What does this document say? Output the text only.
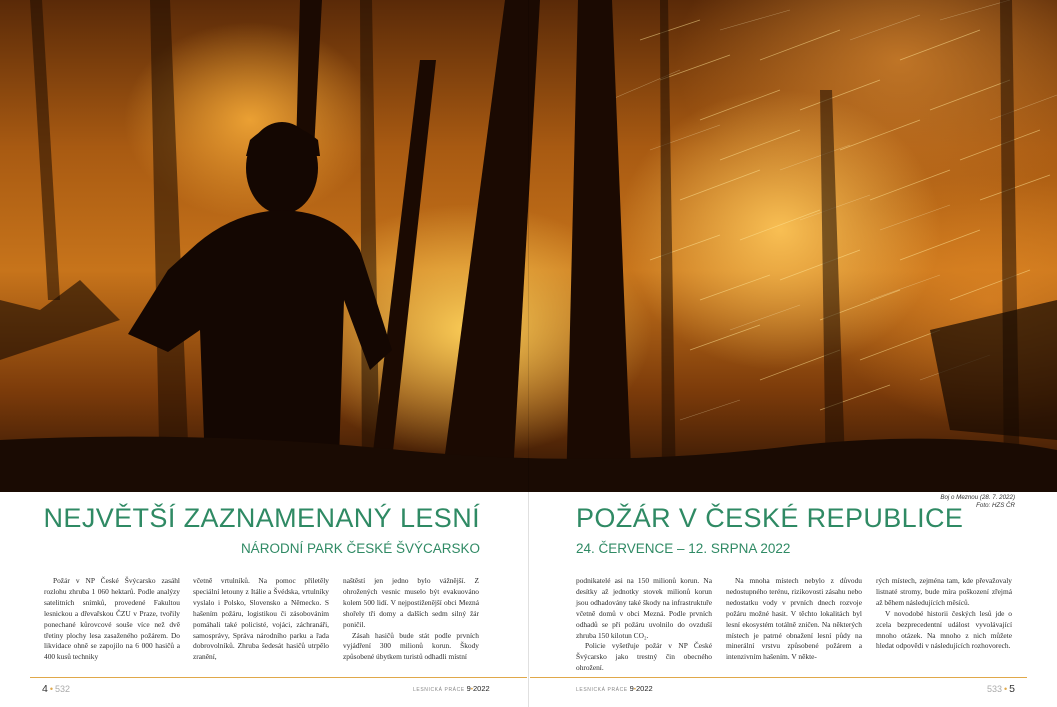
Boj o Meznou (28. 7. 2022)
Foto: HZS ČR
NEJVĚTŠÍ ZAZNAMENANÝ LESNÍ	POŽÁR V ČESKÉ REPUBLICE
NÁRODNÍ PARK ČESKÉ ŠVÝCARSKO	24. ČERVENCE – 12. SRPNA 2022

Požár v NP České Švýcarsko zasáhl rozlohu zhruba 1 060 hektarů. Podle analýzy satelitních snímků, provedené Fakultou lesnickou a dřevařskou ČZU v Praze, tvořily ponechané kůrovcové souše více než dvě třetiny plochy lesa zasaženého požárem. Do likvidace ohně se zapojilo na 6 000 hasičů a 400 kusů techniky

včetně vrtulníků. Na pomoc přiletěly speciální letouny z Itálie a Švédska, vrtulníky vyslalo i Polsko, Slovensko a Německo. S hašením požáru, logistikou či zásobováním pomáhali také policisté, vojáci, záchranáři, samosprávy, Správa národního parku a řada dobrovolníků. Zhruba šedesát hasičů utrpělo zranění,

naštěstí jen jedno bylo vážnější. Z ohrožených vesnic muselo být evakuováno kolem 500 lidí. V nejpostiženější obci Mezná shořely tři domy a dalších sedm silný žár poničil.

Zásah hasičů bude stát podle prvních vyjádření 300 milionů korun. Škody způsobené úbytkem turistů odhadli místní

podnikatelé asi na 150 milionů korun. Na desítky až jednotky stovek milionů korun jsou odhadovány také škody na infrastruktuře včetně domů v obci Mezná. Podle prvních odhadů se při požáru uvolnilo do ovzduší zhruba 150 kilotun CO₂.

Policie vyšetřuje požár v NP České Švýcarsko jako trestný čin obecného ohrožení.

Na mnoha místech nebylo z důvodu nedostupného terénu, rizikovosti zásahu nebo nedostatku vody v prvních dnech rozvoje požáru možné hasit. V těchto lokalitách byl lesní ekosystém totálně zničen. Na některých místech je patrné obnažení lesní půdy na minerální vrstvu způsobené požárem a intenzivním hašením. V někte-

rých místech, zejména tam, kde převažovaly listnaté stromy, bude míra poškození zřejmá až během následujících měsíců.

V novodobé historii českých lesů jde o zcela bezprecedentní událost vyvolávající mnoho otázek. Na mnoho z nich můžete hledat odpovědi v následujících rozhovorech.

4 • 532	LESNICKÁ PRÁCE 9•2022	LESNICKÁ PRÁCE 9•2022	533 • 5
